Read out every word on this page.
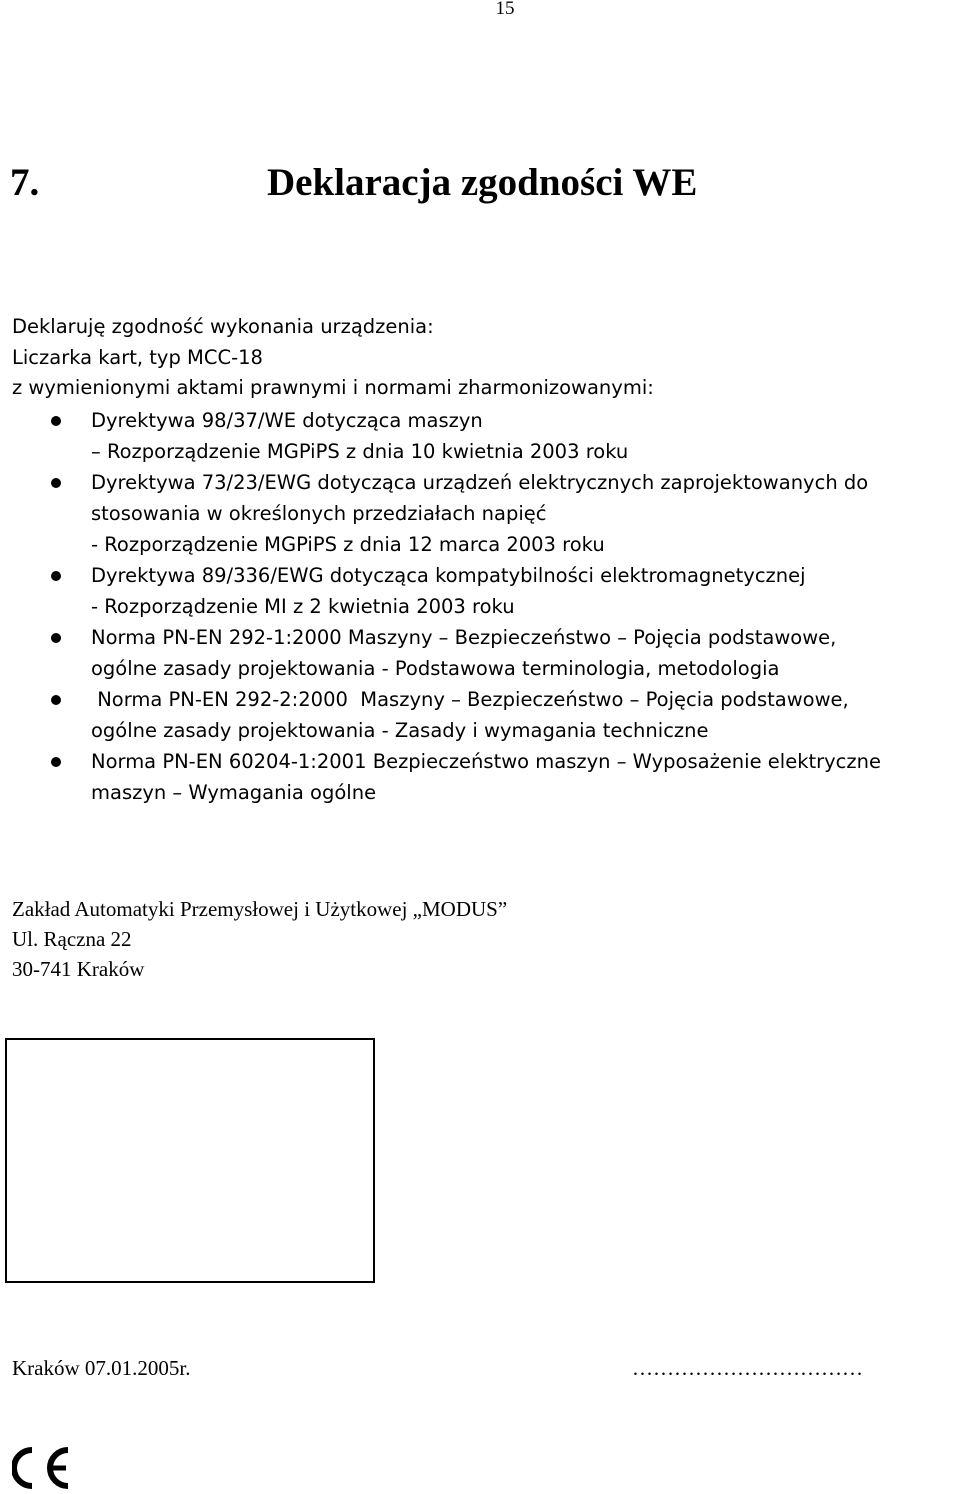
15
7.	Deklaracja zgodności WE
Deklaruję zgodność wykonania urządzenia:
Liczarka kart, typ MCC-18
z wymienionymi aktami prawnymi i normami zharmonizowanymi:
Dyrektywa 98/37/WE dotycząca maszyn
– Rozporządzenie MGPiPS z dnia 10 kwietnia 2003 roku
Dyrektywa 73/23/EWG dotycząca urządzeń elektrycznych zaprojektowanych do
stosowania w określonych przedziałach napięć
- Rozporządzenie MGPiPS z dnia 12 marca 2003 roku
Dyrektywa 89/336/EWG dotycząca kompatybilności elektromagnetycznej
- Rozporządzenie MI z 2 kwietnia 2003 roku
Norma PN-EN 292-1:2000 Maszyny – Bezpieczeństwo – Pojęcia podstawowe,
ogólne zasady projektowania - Podstawowa terminologia, metodologia
Norma PN-EN 292-2:2000  Maszyny – Bezpieczeństwo – Pojęcia podstawowe,
ogólne zasady projektowania - Zasady i wymagania techniczne
Norma PN-EN 60204-1:2001 Bezpieczeństwo maszyn – Wyposażenie elektryczne
maszyn – Wymagania ogólne
Zakład Automatyki Przemysłowej i Użytkowej „MODUS”
Ul. Rączna 22
30-741 Kraków
Kraków 07.01.2005r.	……………………………
